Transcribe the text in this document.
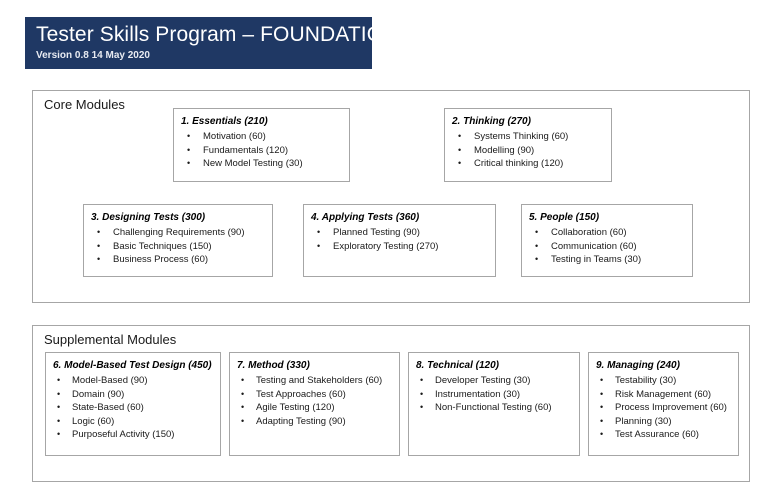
Tester Skills Program – FOUNDATION
Version 0.8 14 May 2020
Core Modules
1. Essentials (210)
• Motivation (60)
• Fundamentals (120)
• New Model Testing (30)
2. Thinking (270)
• Systems Thinking (60)
• Modelling (90)
• Critical thinking (120)
3. Designing Tests (300)
• Challenging Requirements (90)
• Basic Techniques (150)
• Business Process (60)
4. Applying Tests (360)
• Planned Testing (90)
• Exploratory Testing (270)
5. People (150)
• Collaboration (60)
• Communication (60)
• Testing in Teams (30)
Supplemental Modules
6. Model-Based Test Design (450)
• Model-Based (90)
• Domain (90)
• State-Based (60)
• Logic (60)
• Purposeful Activity (150)
7. Method (330)
• Testing and Stakeholders (60)
• Test Approaches (60)
• Agile Testing (120)
• Adapting Testing (90)
8. Technical (120)
• Developer Testing (30)
• Instrumentation (30)
• Non-Functional Testing (60)
9. Managing (240)
• Testability (30)
• Risk Management (60)
• Process Improvement (60)
• Planning (30)
• Test Assurance (60)
